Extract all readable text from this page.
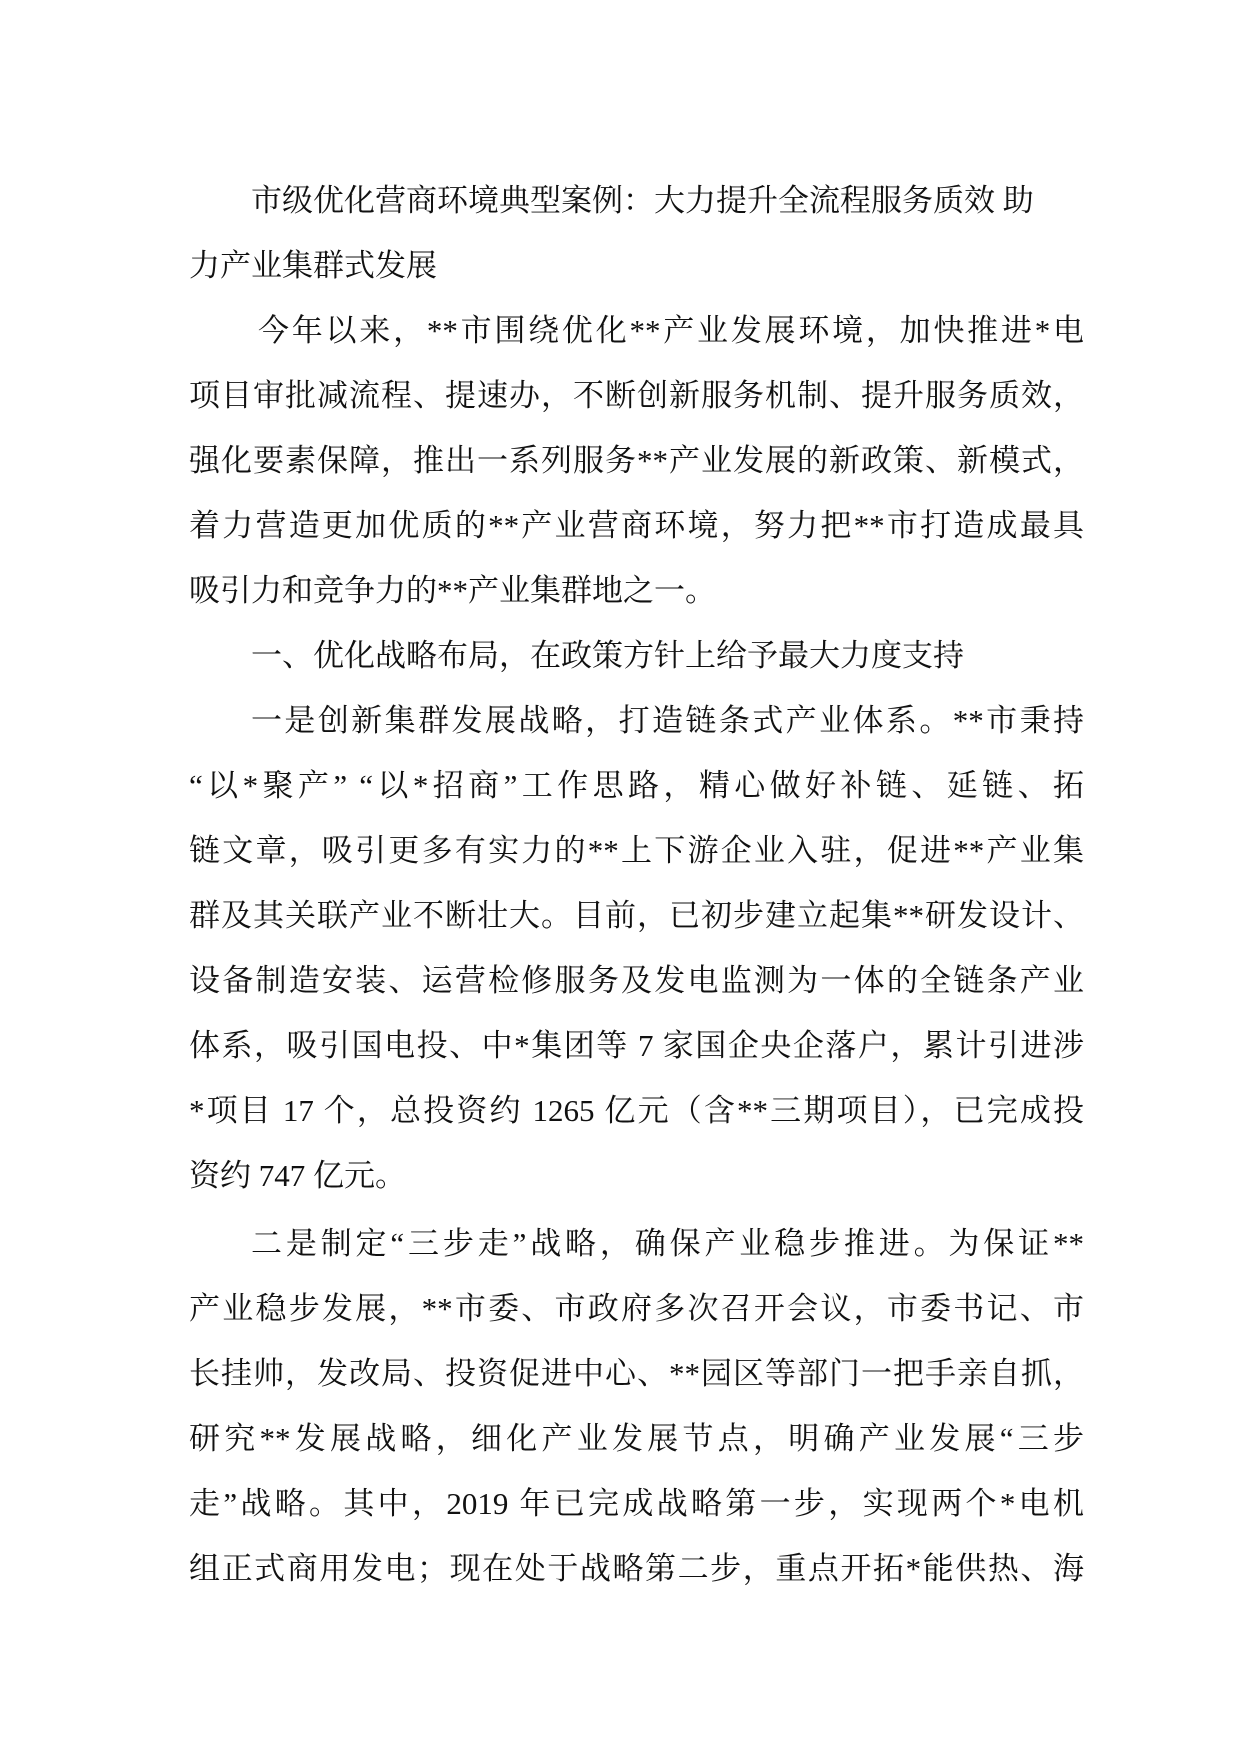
市级优化营商环境典型案例：大力提升全流程服务质效 助
力产业集群式发展
今年以来，**市围绕优化**产业发展环境，加快推进*电
项目审批减流程、提速办，不断创新服务机制、提升服务质效，
强化要素保障，推出一系列服务**产业发展的新政策、新模式，
着力营造更加优质的**产业营商环境，努力把**市打造成最具
吸引力和竞争力的**产业集群地之一。
一、优化战略布局，在政策方针上给予最大力度支持
一是创新集群发展战略，打造链条式产业体系。**市秉持
“以*聚产” “以*招商”工作思路，精心做好补链、延链、拓
链文章，吸引更多有实力的**上下游企业入驻，促进**产业集
群及其关联产业不断壮大。目前，已初步建立起集**研发设计、
设备制造安装、运营检修服务及发电监测为一体的全链条产业
体系，吸引国电投、中*集团等 7 家国企央企落户，累计引进涉
*项目 17 个，总投资约 1265 亿元（含**三期项目），已完成投
资约 747 亿元。
二是制定“三步走”战略，确保产业稳步推进。为保证**
产业稳步发展，**市委、市政府多次召开会议，市委书记、市
长挂帅，发改局、投资促进中心、**园区等部门一把手亲自抓，
研究**发展战略，细化产业发展节点，明确产业发展“三步
走”战略。其中，2019 年已完成战略第一步，实现两个*电机
组正式商用发电；现在处于战略第二步，重点开拓*能供热、海
